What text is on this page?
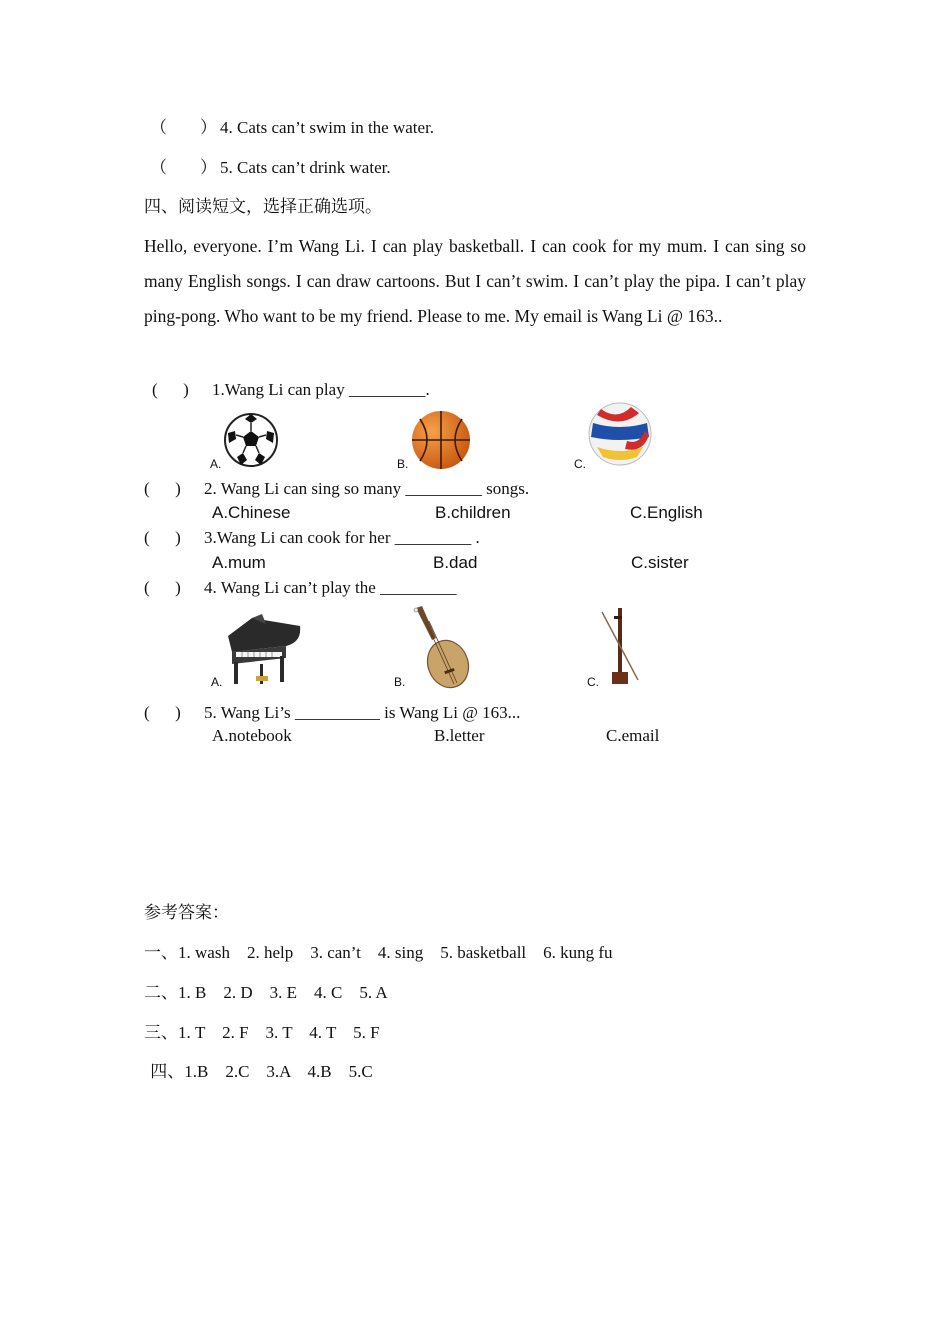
（ ） 4. Cats can’t swim in the water.
（ ） 5. Cats can’t drink water.
四、阅读短文，选择正确选项。
Hello, everyone. I’m Wang Li. I can play basketball. I can cook for my mum. I can sing so many English songs. I can draw cartoons. But I can’t swim. I can’t play the pipa. I can’t play ping-pong. Who want to be my friend. Please to me. My email is Wang Li @ 163..
(      ) 1.Wang Li can play _________.
A.	B.	C.
(      ) 2. Wang Li can sing so many _________ songs.
A.Chinese	B.children	C.English
(      ) 3.Wang Li can cook for her _________ .
A.mum	B.dad	C.sister
(      ) 4. Wang Li can’t play the _________
A.	B.	C.
(      ) 5. Wang Li’s __________ is Wang Li @ 163...
A.notebook	B.letter	C.email
参考答案：
一、1. wash    2. help    3. can’t    4. sing    5. basketball    6. kung fu
二、1. B    2. D    3. E    4. C    5. A
三、1. T    2. F    3. T    4. T    5. F
四、1.B    2.C    3.A    4.B    5.C
